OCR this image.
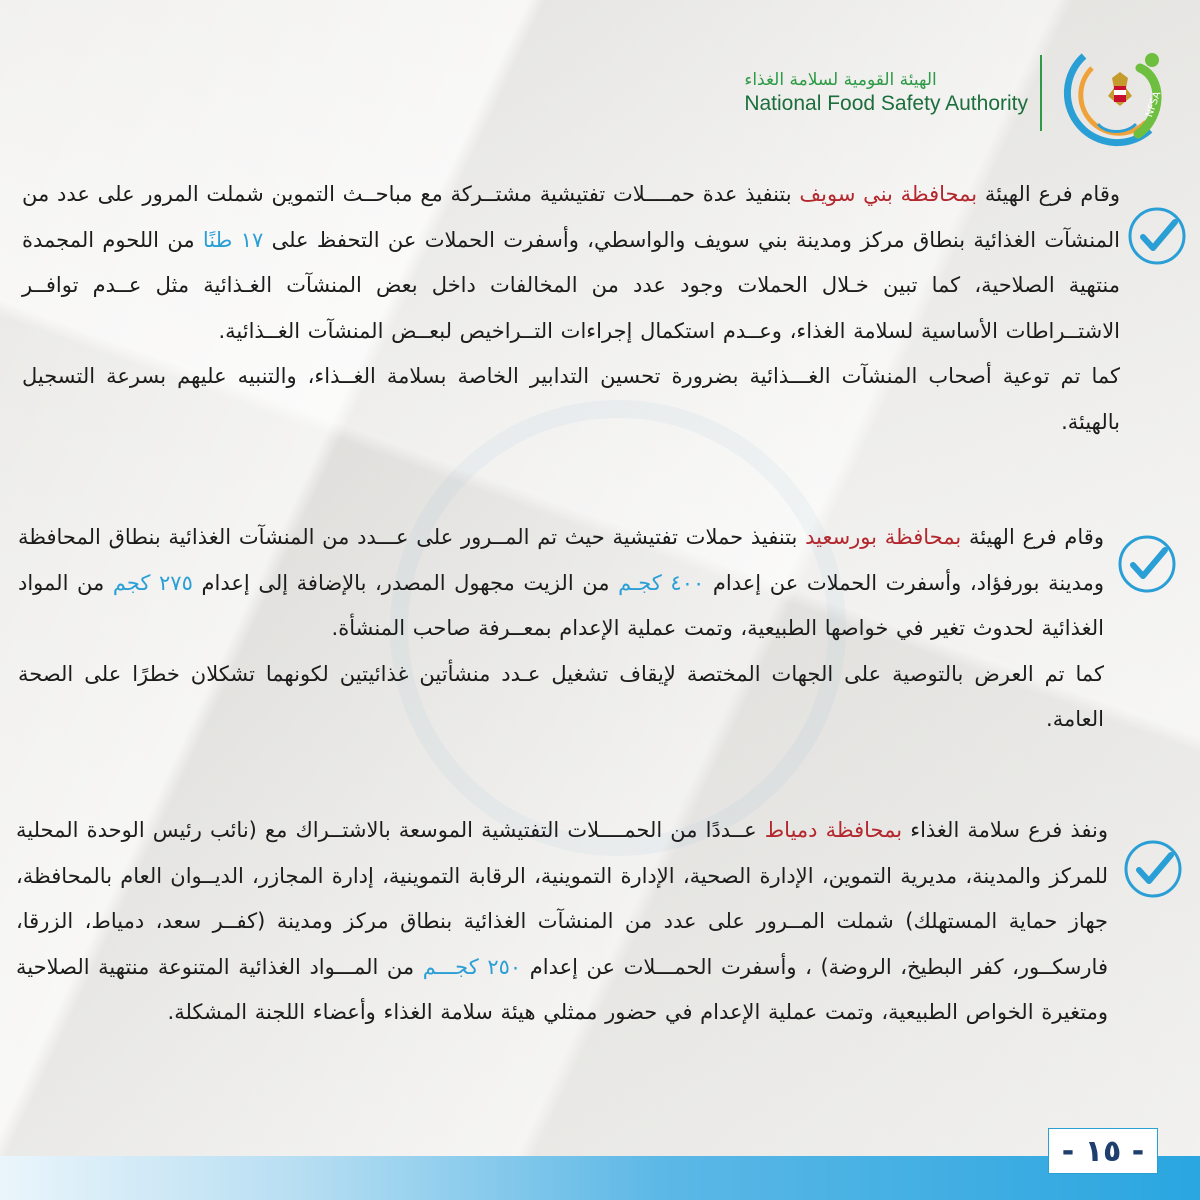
NFSA
الهيئة القومية لسلامة الغذاء
National Food Safety Authority

وقام فرع الهيئة بمحافظة بني سويف بتنفيذ عدة حمــــلات تفتيشية مشتــركة مع مباحــث التموين شملت المرور على عدد من المنشآت الغذائية بنطاق مركز ومدينة بني سويف والواسطي، وأسفرت الحملات عن التحفظ على ١٧ طنًا من اللحوم المجمدة منتهية الصلاحية، كما تبين خـلال الحملات وجود عدد من المخالفات داخل بعض المنشآت الغـذائية مثل عــدم توافــر الاشتــراطات الأساسية لسلامة الغذاء، وعــدم استكمال إجراءات التــراخيص لبعــض المنشآت الغــذائية.

كما تم توعية أصحاب المنشآت الغـــذائية بضرورة تحسين التدابير الخاصة بسلامة الغــذاء، والتنبيه عليهم بسرعة التسجيل بالهيئة.

وقام فرع الهيئة بمحافظة بورسعيد بتنفيذ حملات تفتيشية حيث تم المــرور على عـــدد من المنشآت الغذائية بنطاق المحافظة ومدينة بورفؤاد، وأسفرت الحملات عن إعدام ٤٠٠ كجـم من الزيت مجهول المصدر، بالإضافة إلى إعدام ٢٧٥ كجم من المواد الغذائية لحدوث تغير في خواصها الطبيعية، وتمت عملية الإعدام بمعــرفة صاحب المنشأة.

كما تم العرض بالتوصية على الجهات المختصة لإيقاف تشغيل عـدد منشأتين غذائيتين لكونهما تشكلان خطرًا على الصحة العامة.

ونفذ فرع سلامة الغذاء بمحافظة دمياط عــددًا من الحمــــلات التفتيشية الموسعة بالاشتــراك مع (نائب رئيس الوحدة المحلية للمركز والمدينة، مديرية التموين، الإدارة الصحية، الإدارة التموينية، الرقابة التموينية، إدارة المجازر، الديــوان العام بالمحافظة، جهاز حماية المستهلك) شملت المــرور على عدد من المنشآت الغذائية بنطاق مركز ومدينة (كفــر سعد، دمياط، الزرقا، فارسكــور، كفر البطيخ، الروضة) ، وأسفرت الحمـــلات عن إعدام ٢٥٠ كجـــم من المـــواد الغذائية المتنوعة منتهية الصلاحية ومتغيرة الخواص الطبيعية، وتمت عملية الإعدام في حضور ممثلي هيئة سلامة الغذاء وأعضاء اللجنة المشكلة.

- ١٥ -
